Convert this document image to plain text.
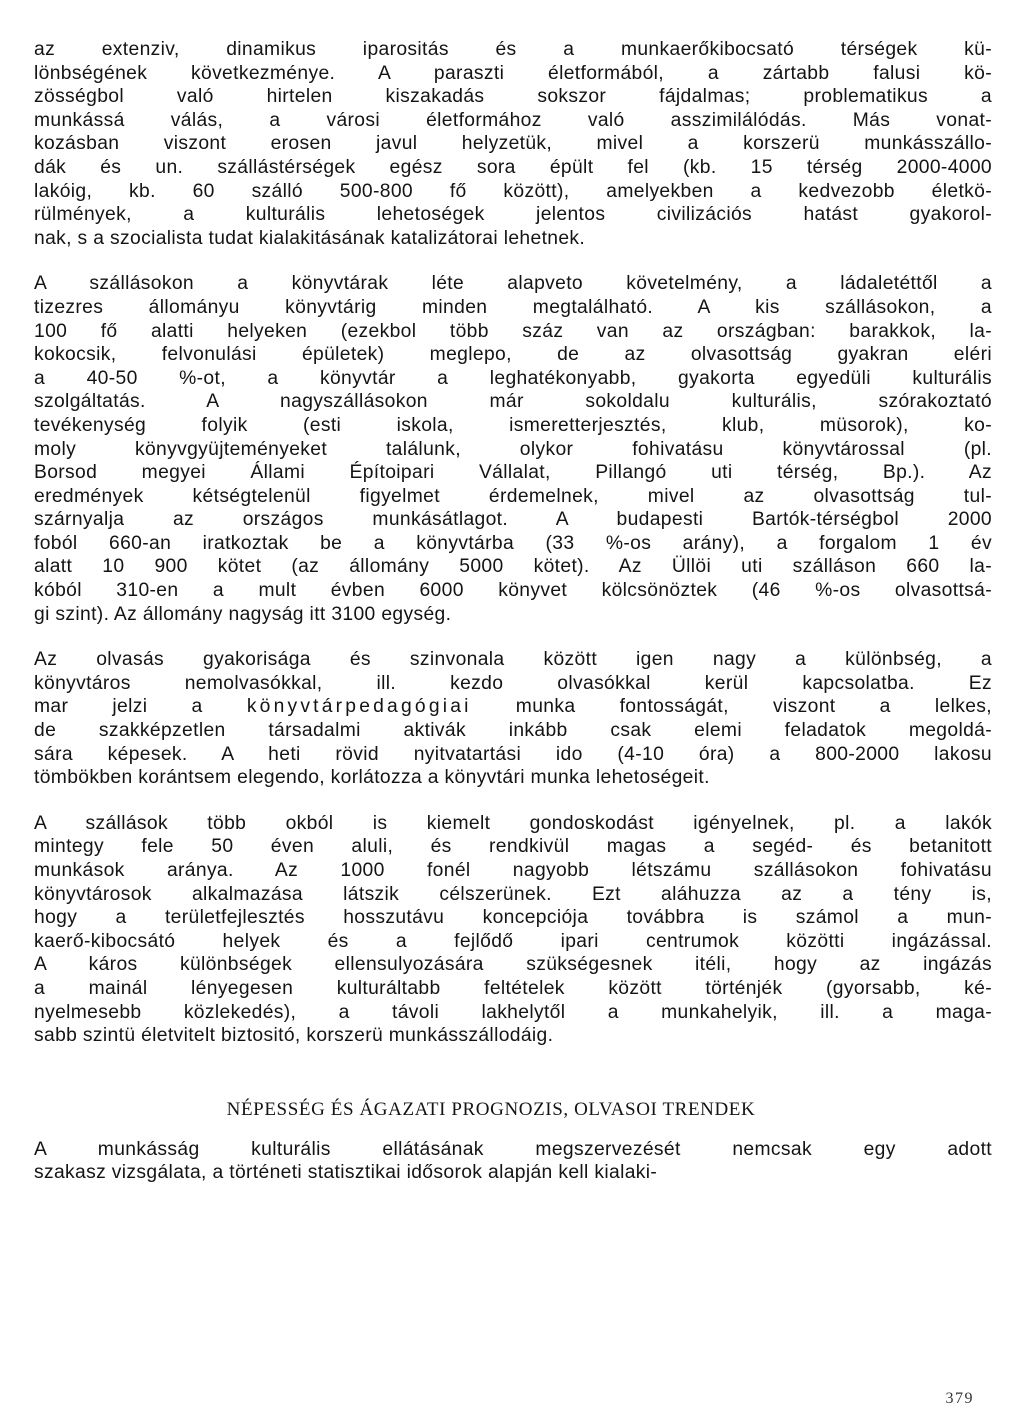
az extenziv, dinamikus iparositás és a munkaerőkibocsató térségek kü-
lönbségének következménye. A paraszti életformából, a zártabb falusi kö-
zösségbol való hirtelen kiszakadás sokszor fájdalmas; problematikus a
munkássá válás, a városi életformához való asszimilálódás. Más vonat-
kozásban viszont erosen javul helyzetük, mivel a korszerü munkásszállo-
dák és un. szállástérségek egész sora épült fel (kb. 15 térség 2000-4000
lakóig, kb. 60 szálló 500-800 fő között), amelyekben a kedvezobb életkö-
rülmények, a kulturális lehetoségek jelentos civilizációs hatást gyakorol-
nak, s a szocialista tudat kialakitásának katalizátorai lehetnek.
A szállásokon a könyvtárak léte alapveto követelmény, a ládaletéttől a
tizezres állományu könyvtárig minden megtalálható. A kis szállásokon, a
100 fő alatti helyeken (ezekbol több száz van az országban: barakkok, la-
kokocsik, felvonulási épületek) meglepo, de az olvasottság gyakran eléri
a 40-50 %-ot, a könyvtár a leghatékonyabb, gyakorta egyedüli kulturális
szolgáltatás. A nagyszállásokon már sokoldalu kulturális, szórakoztató
tevékenység folyik (esti iskola, ismeretterjesztés, klub, müsorok), ko-
moly könyvgyüjteményeket találunk, olykor fohivatásu könyvtárossal (pl.
Borsod megyei Állami Építoipari Vállalat, Pillangó uti térség, Bp.). Az
eredmények kétségtelenül figyelmet érdemelnek, mivel az olvasottság tul-
szárnyalja az országos munkásátlagot. A budapesti Bartók-térségbol 2000
foból 660-an iratkoztak be a könyvtárba (33 %-os arány), a forgalom 1 év
alatt 10 900 kötet (az állomány 5000 kötet). Az Üllöi uti szálláson 660 la-
kóból 310-en a mult évben 6000 könyvet kölcsönöztek (46 %-os olvasottsá-
gi szint). Az állomány nagyság itt 3100 egység.
Az olvasás gyakorisága és szinvonala között igen nagy a különbség, a
könyvtáros nemolvasókkal, ill. kezdo olvasókkal kerül kapcsolatba. Ez
mar jelzi a könyvtárpedagógiai munka fontosságát, viszont a lelkes,
de szakképzetlen társadalmi aktivák inkább csak elemi feladatok megoldá-
sára képesek. A heti rövid nyitvatartási ido (4-10 óra) a 800-2000 lakosu
tömbökben korántsem elegendo, korlátozza a könyvtári munka lehetoségeit.
A szállások több okból is kiemelt gondoskodást igényelnek, pl. a lakók
mintegy fele 50 éven aluli, és rendkivül magas a segéd- és betanitott
munkások aránya. Az 1000 fonél nagyobb létszámu szállásokon fohivatásu
könyvtárosok alkalmazása látszik célszerünek. Ezt aláhuzza az a tény is,
hogy a területfejlesztés hosszutávu koncepciója továbbra is számol a mun-
kaerő-kibocsátó helyek és a fejlődő ipari centrumok közötti ingázással.
A káros különbségek ellensulyozására szükségesnek itéli, hogy az ingázás
a mainál lényegesen kulturáltabb feltételek között történjék (gyorsabb, ké-
nyelmesebb közlekedés), a távoli lakhelytől a munkahelyik, ill. a maga-
sabb szintü életvitelt biztositó, korszerü munkásszállodáig.
NÉPESSÉG ÉS ÁGAZATI PROGNOZIS, OLVASOI TRENDEK
A munkásság kulturális ellátásának megszervezését nemcsak egy adott
szakasz vizsgálata, a történeti statisztikai idősorok alapján kell kialaki-
379
